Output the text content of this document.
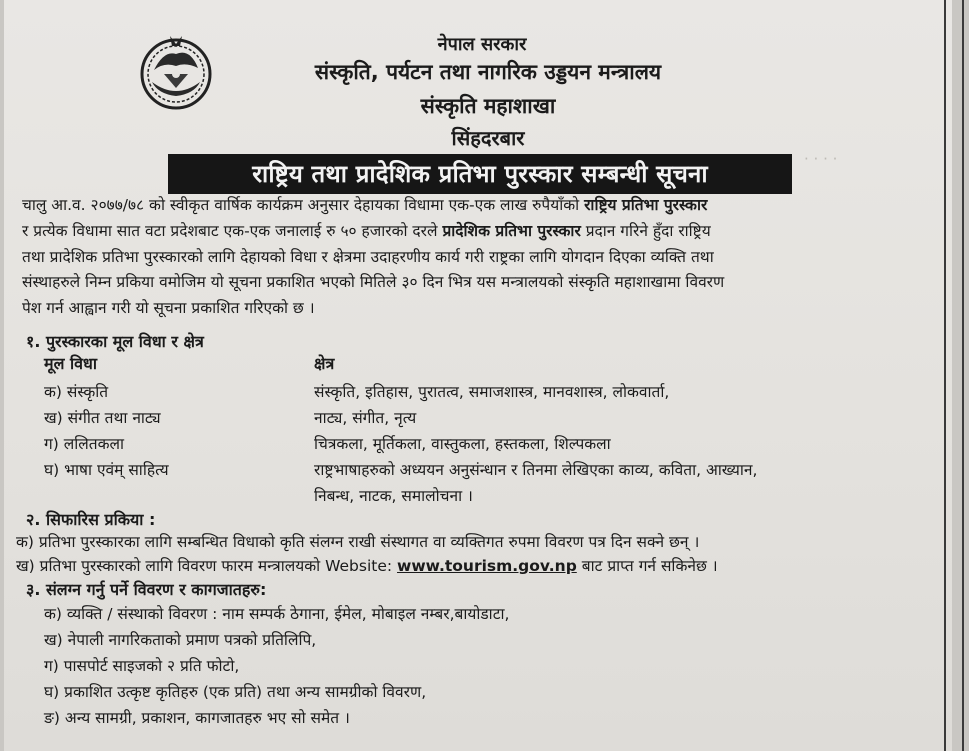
· · · ·
नेपाल सरकार
संस्कृति, पर्यटन तथा नागरिक उड्डयन मन्त्रालय
संस्कृति महाशाखा
सिंहदरबार
राष्ट्रिय तथा प्रादेशिक प्रतिभा पुरस्कार सम्बन्धी सूचना
चालु आ.व. २०७७/७८ को स्वीकृत वार्षिक कार्यक्रम अनुसार देहायका विधामा एक-एक लाख रुपैयाँको राष्ट्रिय प्रतिभा पुरस्कार
र प्रत्येक विधामा सात वटा प्रदेशबाट एक-एक जनालाई रु ५० हजारको दरले प्रादेशिक प्रतिभा पुरस्कार प्रदान गरिने हुँदा राष्ट्रिय
तथा प्रादेशिक प्रतिभा पुरस्कारको लागि देहायको विधा र क्षेत्रमा उदाहरणीय कार्य गरी राष्ट्रका लागि योगदान दिएका व्यक्ति तथा
संस्थाहरुले निम्न प्रकिया वमोजिम यो सूचना प्रकाशित भएको मितिले ३० दिन भित्र यस मन्त्रालयको संस्कृति महाशाखामा विवरण
पेश गर्न आह्वान गरी यो सूचना प्रकाशित गरिएको छ ।
१. पुरस्कारका मूल विधा र क्षेत्र
मूल विधा	क्षेत्र
क) संस्कृति	संस्कृति, इतिहास, पुरातत्व, समाजशास्त्र, मानवशास्त्र, लोकवार्ता,
ख) संगीत तथा नाट्य	नाट्य, संगीत, नृत्य
ग) ललितकला	चित्रकला, मूर्तिकला, वास्तुकला, हस्तकला, शिल्पकला
घ) भाषा एवंम् साहित्य	राष्ट्रभाषाहरुको अध्ययन अनुसंन्धान र तिनमा लेखिएका काव्य, कविता, आख्यान,
निबन्ध, नाटक, समालोचना ।
२. सिफारिस प्रकिया :
क) प्रतिभा पुरस्कारका लागि सम्बन्धित विधाको कृति संलग्न राखी संस्थागत वा व्यक्तिगत रुपमा विवरण पत्र दिन सक्ने छन् ।
ख) प्रतिभा पुरस्कारको लागि विवरण फारम मन्त्रालयको Website: www.tourism.gov.np बाट प्राप्त गर्न सकिनेछ ।
३. संलग्न गर्नु पर्ने विवरण र कागजातहरु:
क) व्यक्ति / संस्थाको विवरण : नाम सम्पर्क ठेगाना, ईमेल, मोबाइल नम्बर,बायोडाटा,
ख) नेपाली नागरिकताको प्रमाण पत्रको प्रतिलिपि,
ग) पासपोर्ट साइजको २ प्रति फोटो,
घ) प्रकाशित उत्कृष्ट कृतिहरु (एक प्रति) तथा अन्य सामग्रीको विवरण,
ङ) अन्य सामग्री, प्रकाशन, कागजातहरु भए सो समेत ।
